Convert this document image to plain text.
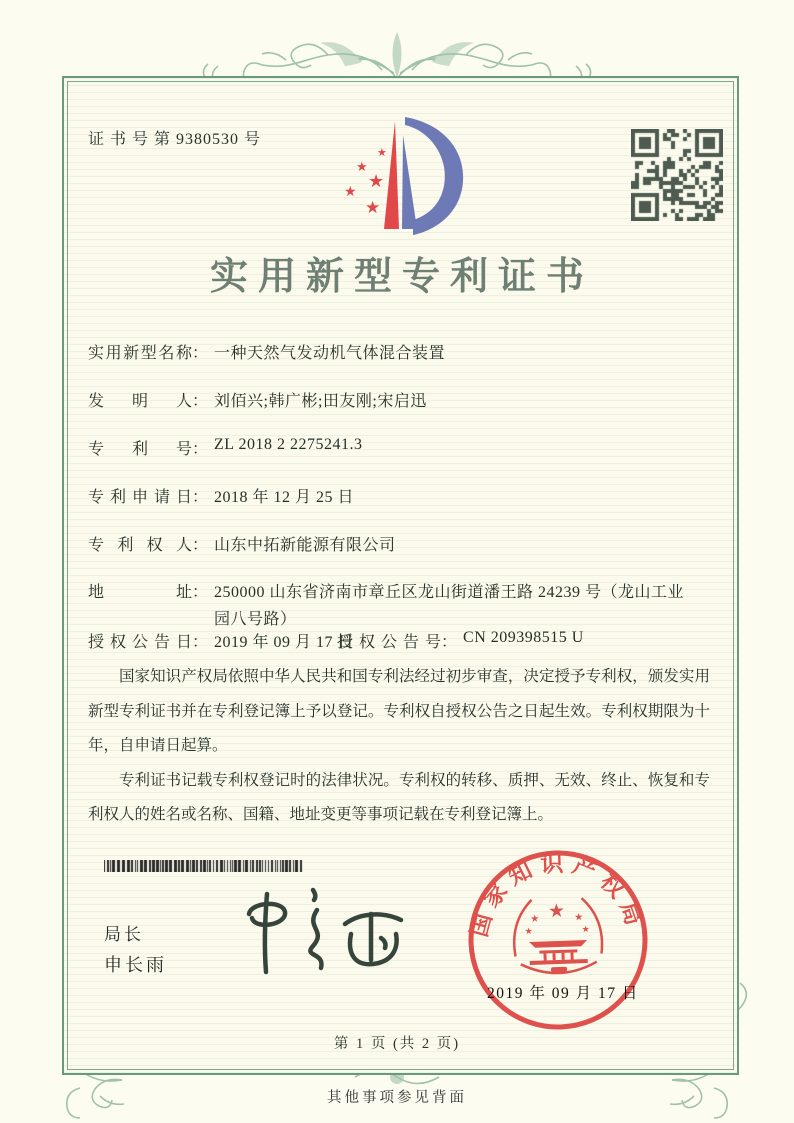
证 书 号 第 9380530 号
★
★
★
★
★
实用新型专利证书
实用新型名称： 一种天然气发动机气体混合装置
发明人： 刘佰兴;韩广彬;田友刚;宋启迅
专利号： ZL 2018 2 2275241.3
专利申请日： 2018 年 12 月 25 日
专利权人： 山东中拓新能源有限公司
地址： 250000 山东省济南市章丘区龙山街道潘王路 24239 号（龙山工业园八号路）
授权公告日： 2019 年 09 月 17 日
授权公告号： CN 209398515 U

国家知识产权局依照中华人民共和国专利法经过初步审查，决定授予专利权，颁发实用新型专利证书并在专利登记簿上予以登记。专利权自授权公告之日起生效。专利权期限为十年，自申请日起算。

专利证书记载专利权登记时的法律状况。专利权的转移、质押、无效、终止、恢复和专利权人的姓名或名称、国籍、地址变更等事项记载在专利登记簿上。

局长
申长雨
国家知识产权局
★
★	★
★	★
2019 年 09 月 17 日
第 1 页 (共 2 页)
其他事项参见背面
